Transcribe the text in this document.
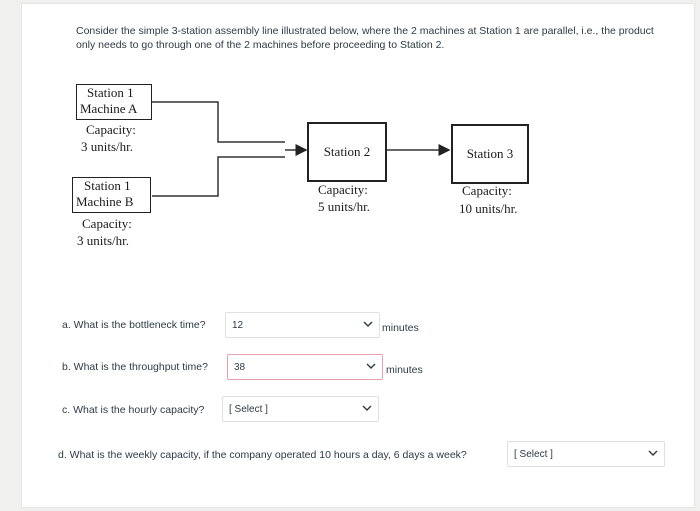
Consider the simple 3-station assembly line illustrated below, where the 2 machines at Station 1 are parallel, i.e., the product
only needs to go through one of the 2 machines before proceeding to Station 2.
Station 1
Machine A
Capacity:
3 units/hr.
Station 1
Machine B
Capacity:
3 units/hr.
Station 2
Capacity:
5 units/hr.
Station 3
Capacity:
10 units/hr.
a. What is the bottleneck time?	12	minutes
b. What is the throughput time?	38	minutes
c. What is the hourly capacity? [ Select ]
d. What is the weekly capacity, if the company operated 10 hours a day, 6 days a week?	[ Select ]
